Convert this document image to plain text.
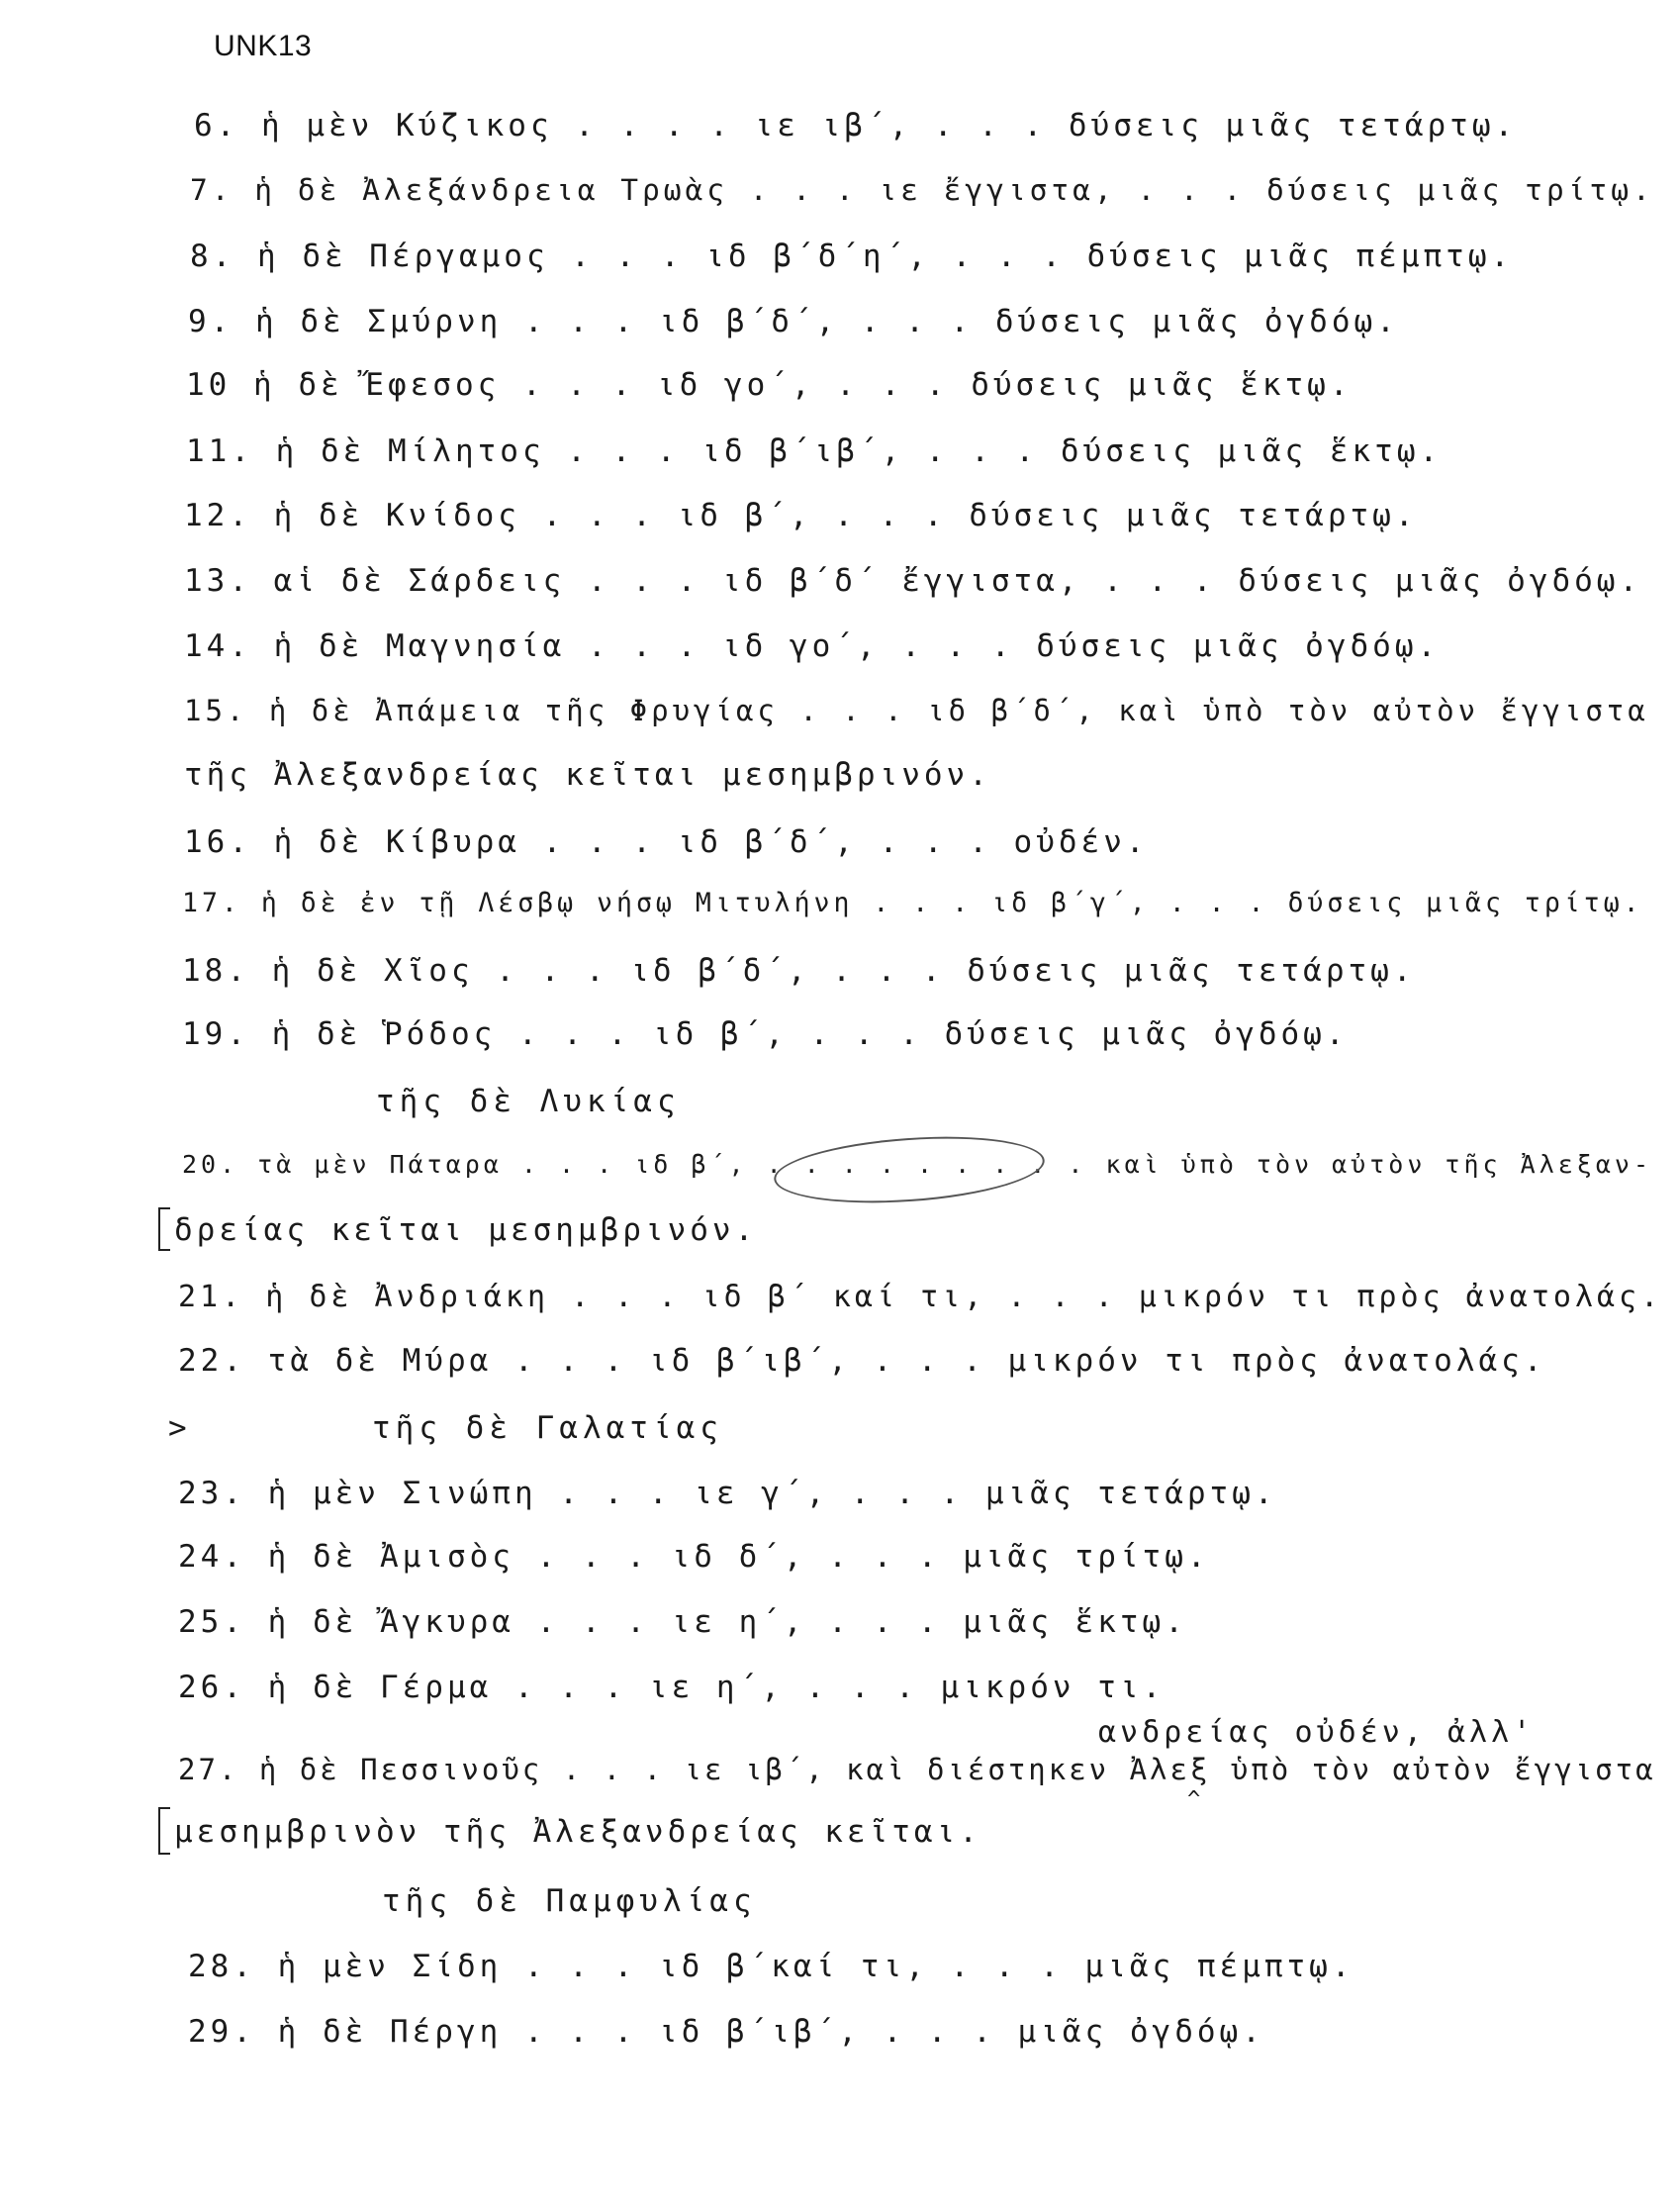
UNK13
6. ἡ μὲν Κύζικος . . . . ιε ιβ΄, . . . δύσεις μιᾶς τετάρτῳ.
7. ἡ δὲ Ἀλεξάνδρεια Τρωὰς . . . ιε ἔγγιστα, . . . δύσεις μιᾶς τρίτῳ.
8. ἡ δὲ Πέργαμος . . . ιδ β΄δ΄η΄, . . . δύσεις μιᾶς πέμπτῳ.
9. ἡ δὲ Σμύρνη . . . ιδ β΄δ΄, . . . δύσεις μιᾶς ὀγδόῳ.
10 ἡ δὲ Ἔφεσος . . . ιδ γο΄, . . . δύσεις μιᾶς ἕκτῳ.
11. ἡ δὲ Μίλητος . . . ιδ β΄ιβ΄, . . . δύσεις μιᾶς ἕκτῳ.
12. ἡ δὲ Κνίδος . . . ιδ β΄, . . . δύσεις μιᾶς τετάρτῳ.
13. αἱ δὲ Σάρδεις . . . ιδ β΄δ΄ ἔγγιστα, . . . δύσεις μιᾶς ὀγδόῳ.
14. ἡ δὲ Μαγνησία . . . ιδ γο΄, . . . δύσεις μιᾶς ὀγδόῳ.
15. ἡ δὲ Ἀπάμεια τῆς Φρυγίας . . . ιδ β΄δ΄, καὶ ὑπὸ τὸν αὐτὸν ἔγγιστα
τῆς Ἀλεξανδρείας κεῖται μεσημβρινόν.
16. ἡ δὲ Κίβυρα . . . ιδ β΄δ΄, . . . οὐδέν.
17. ἡ δὲ ἐν τῇ Λέσβῳ νήσῳ Μιτυλήνη . . . ιδ β΄γ΄, . . . δύσεις μιᾶς τρίτῳ.
18. ἡ δὲ Χῖος . . . ιδ β΄δ΄, . . . δύσεις μιᾶς τετάρτῳ.
19. ἡ δὲ Ῥόδος . . . ιδ β΄, . . . δύσεις μιᾶς ὀγδόῳ.
τῆς δὲ Λυκίας
20. τὰ μὲν Πάταρα . . . ιδ β΄, . . . . . . . . . καὶ ὑπὸ τὸν αὐτὸν τῆς Ἀλεξαν-
δρείας κεῖται μεσημβρινόν.
21. ἡ δὲ Ἀνδριάκη . . . ιδ β΄ καί τι, . . . μικρόν τι πρὸς ἀνατολάς.
22. τὰ δὲ Μύρα . . . ιδ β΄ιβ΄, . . . μικρόν τι πρὸς ἀνατολάς.
>	τῆς δὲ Γαλατίας
23. ἡ μὲν Σινώπη . . . ιε γ΄, . . . μιᾶς τετάρτῳ.
24. ἡ δὲ Ἀμισὸς . . . ιδ δ΄, . . . μιᾶς τρίτῳ.
25. ἡ δὲ Ἄγκυρα . . . ιε η΄, . . . μιᾶς ἕκτῳ.
26. ἡ δὲ Γέρμα . . . ιε η΄, . . . μικρόν τι.
ανδρείας οὐδέν, ἀλλ'
27. ἡ δὲ Πεσσινοῦς . . . ιε ιβ΄, καὶ διέστηκεν Ἀλεξ ὑπὸ τὸν αὐτὸν ἔγγιστα
^
μεσημβρινὸν τῆς Ἀλεξανδρείας κεῖται.
τῆς δὲ Παμφυλίας
28. ἡ μὲν Σίδη . . . ιδ β΄καί τι, . . . μιᾶς πέμπτῳ.
29. ἡ δὲ Πέργη . . . ιδ β΄ιβ΄, . . . μιᾶς ὀγδόῳ.
